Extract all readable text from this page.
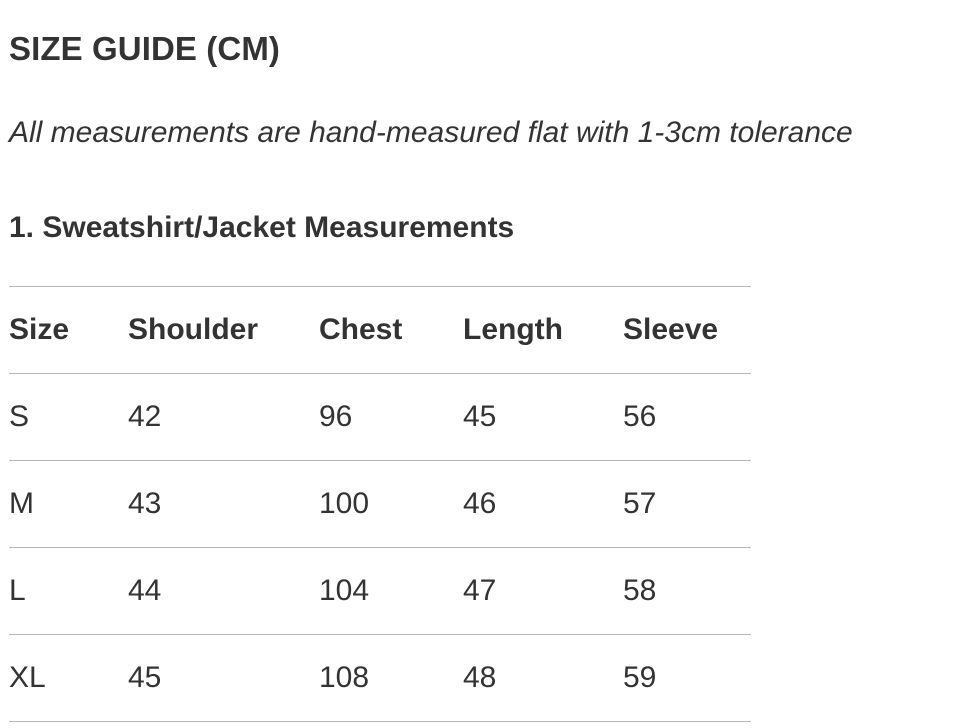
SIZE GUIDE (CM)

All measurements are hand-measured flat with 1-3cm tolerance

1. Sweatshirt/Jacket Measurements
Size	Shoulder	Chest	Length	Sleeve
S	42	96	45	56
M	43	100	46	57
L	44	104	47	58
XL	45	108	48	59
